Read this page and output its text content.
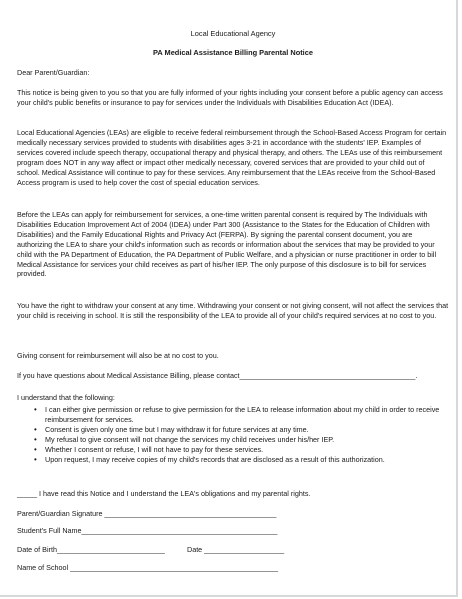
Local Educational Agency
PA Medical Assistance Billing Parental Notice

Dear Parent/Guardian:

This notice is being given to you so that you are fully informed of your rights including your consent before a public agency can access your child's public benefits or insurance to pay for services under the Individuals with Disabilities Education Act (IDEA).

Local Educational Agencies (LEAs) are eligible to receive federal reimbursement through the School-Based Access Program for certain medically necessary services provided to students with disabilities ages 3-21 in accordance with the students' IEP. Examples of services covered include speech therapy, occupational therapy and physical therapy, and others. The LEAs use of this reimbursement program does NOT in any way affect or impact other medically necessary, covered services that are provided to your child out of school. Medical Assistance will continue to pay for these services. Any reimbursement that the LEAs receive from the School-Based Access program is used to help cover the cost of special education services.

Before the LEAs can apply for reimbursement for services, a one-time written parental consent is required by The Individuals with Disabilities Education Improvement Act of 2004 (IDEA) under Part 300 (Assistance to the States for the Education of Children with Disabilities) and the Family Educational Rights and Privacy Act (FERPA). By signing the parental consent document, you are authorizing the LEA to share your child's information such as records or information about the services that may be provided to your child with the PA Department of Education, the PA Department of Public Welfare, and a physician or nurse practitioner in order to bill Medical Assistance for services your child receives as part of his/her IEP. The only purpose of this disclosure is to bill for services provided.

You have the right to withdraw your consent at any time. Withdrawing your consent or not giving consent, will not affect the services that your child is receiving in school. It is still the responsibility of the LEA to provide all of your child's required services at no cost to you.

Giving consent for reimbursement will also be at no cost to you.

If you have questions about Medical Assistance Billing, please contact____________________________________________.

I understand that the following:

• I can either give permission or refuse to give permission for the LEA to release information about my child in order to receive reimbursement for services.
• Consent is given only one time but I may withdraw it for future services at any time.
• My refusal to give consent will not change the services my child receives under his/her IEP.
• Whether I consent or refuse, I will not have to pay for these services.
• Upon request, I may receive copies of my child's records that are disclosed as a result of this authorization.

_____ I have read this Notice and I understand the LEA's obligations and my parental rights.

Parent/Guardian Signature ___________________________________________
Student's Full Name_________________________________________________
Date of Birth___________________________	Date ____________________
Name of School ____________________________________________________
